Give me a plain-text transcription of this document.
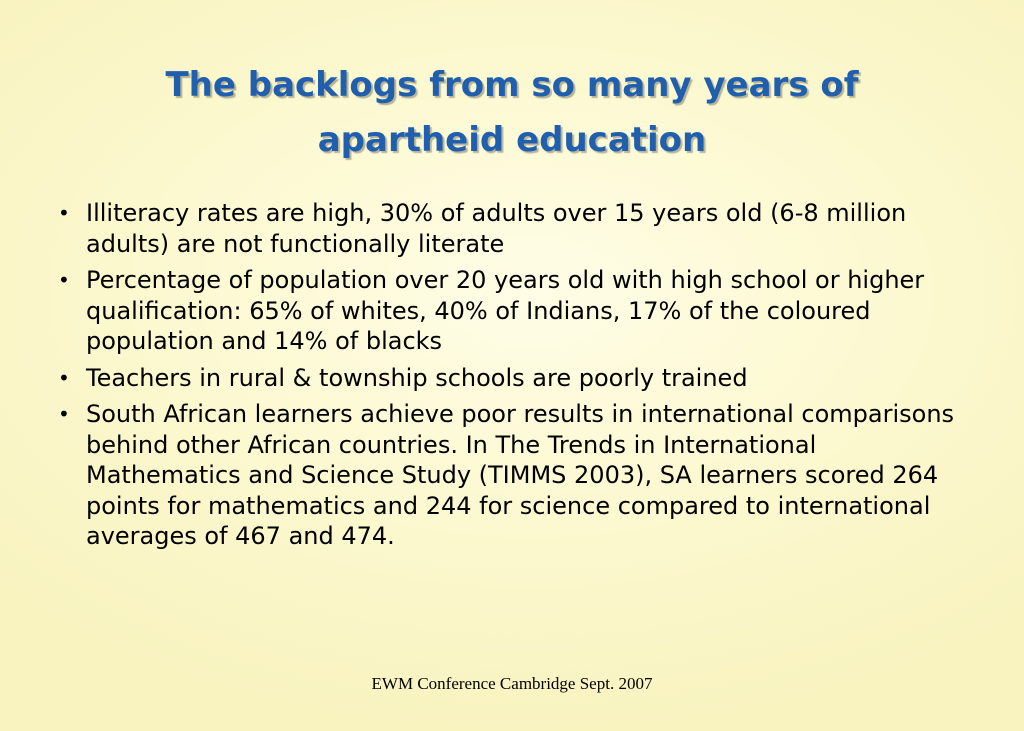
The backlogs from so many years of
apartheid education
• Illiteracy rates are high, 30% of adults over 15 years old (6-8 million adults) are not functionally literate
• Percentage of population over 20 years old with high school or higher qualification: 65% of whites, 40% of Indians, 17% of the coloured population and 14% of blacks
• Teachers in rural & township schools are poorly trained
• South African learners achieve poor results in international comparisons behind other African countries. In The Trends in International Mathematics and Science Study (TIMMS 2003), SA learners scored 264 points for mathematics and 244 for science compared to international averages of 467 and 474.
EWM Conference Cambridge Sept. 2007
